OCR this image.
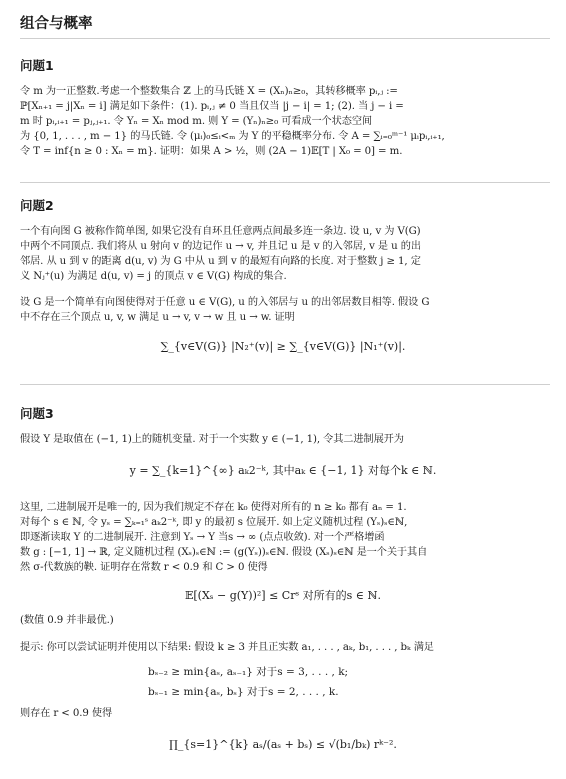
组合与概率
问题1
令 m 为一正整数.考虑一个整数集合 ℤ 上的马氏链 X = (Xₙ)ₙ≥₀，其转移概率 pᵢ,ⱼ :=
ℙ[Xₙ₊₁ = j|Xₙ = i] 满足如下条件：(1). pᵢ,ⱼ ≠ 0 当且仅当 |j − i| = 1; (2). 当 j − i =
m 时 pᵢ,ᵢ₊₁ = pⱼ,ⱼ₊₁. 令 Yₙ = Xₙ mod m. 则 Y = (Yₙ)ₙ≥₀ 可看成一个状态空间
为 {0, 1, . . . , m − 1} 的马氏链. 令 (μᵢ)₀≤ᵢ<ₘ 为 Y 的平稳概率分布. 令 A = ∑ᵢ₌₀ᵐ⁻¹ μᵢpᵢ,ᵢ₊₁,
令 T = inf{n ≥ 0 : Xₙ = m}. 证明：如果 A > ½，则 (2A − 1)𝔼[T | X₀ = 0] = m.
问题2
一个有向图 G 被称作简单图, 如果它没有自环且任意两点间最多连一条边. 设 u, v 为 V(G)
中两个不同顶点. 我们将从 u 射向 v 的边记作 u → v, 并且记 u 是 v 的入邻居, v 是 u 的出
邻居. 从 u 到 v 的距离 d(u, v) 为 G 中从 u 到 v 的最短有向路的长度. 对于整数 j ≥ 1, 定
义 Nⱼ⁺(u) 为满足 d(u, v) = j 的顶点 v ∈ V(G) 构成的集合.
设 G 是一个简单有向图使得对于任意 u ∈ V(G), u 的入邻居与 u 的出邻居数目相等. 假设 G
中不存在三个顶点 u, v, w 满足 u → v, v → w 且 u → w. 证明
∑_{v∈V(G)} |N₂⁺(v)| ≥ ∑_{v∈V(G)} |N₁⁺(v)|.
问题3
假设 Y 是取值在 (−1, 1)上的随机变量. 对于一个实数 y ∈ (−1, 1), 令其二进制展开为
y = ∑_{k=1}^{∞} aₖ2⁻ᵏ, 其中aₖ ∈ {−1, 1} 对每个k ∈ ℕ.
这里, 二进制展开是唯一的, 因为我们规定不存在 k₀ 使得对所有的 n ≥ k₀ 都有 aₙ = 1.
对每个 s ∈ ℕ, 令 yₛ = ∑ₖ₌₁ˢ aₖ2⁻ᵏ, 即 y 的最初 s 位展开. 如上定义随机过程 (Yₛ)ₛ∈ℕ,
即逐渐读取 Y 的二进制展开. 注意到 Yₛ → Y 当s → ∞ (点点收敛). 对一个严格增函
数 g : [−1, 1] → ℝ, 定义随机过程 (Xₛ)ₛ∈ℕ := (g(Yₛ))ₛ∈ℕ. 假设 (Xₛ)ₛ∈ℕ 是一个关于其自
然 σ-代数族的鞅. 证明存在常数 r < 0.9 和 C > 0 使得
𝔼[(Xₛ − g(Y))²] ≤ Crˢ 对所有的s ∈ ℕ.
(数值 0.9 并非最优.)
提示: 你可以尝试证明并使用以下结果: 假设 k ≥ 3 并且正实数 a₁, . . . , aₖ, b₁, . . . , bₖ 满足
bₛ₋₂ ≥ min{aₛ, aₛ₋₁} 对于s = 3, . . . , k;
bₛ₋₁ ≥ min{aₛ, bₛ} 对于s = 2, . . . , k.
则存在 r < 0.9 使得
∏_{s=1}^{k} aₛ/(aₛ + bₛ) ≤ √(b₁/bₖ) rᵏ⁻².
